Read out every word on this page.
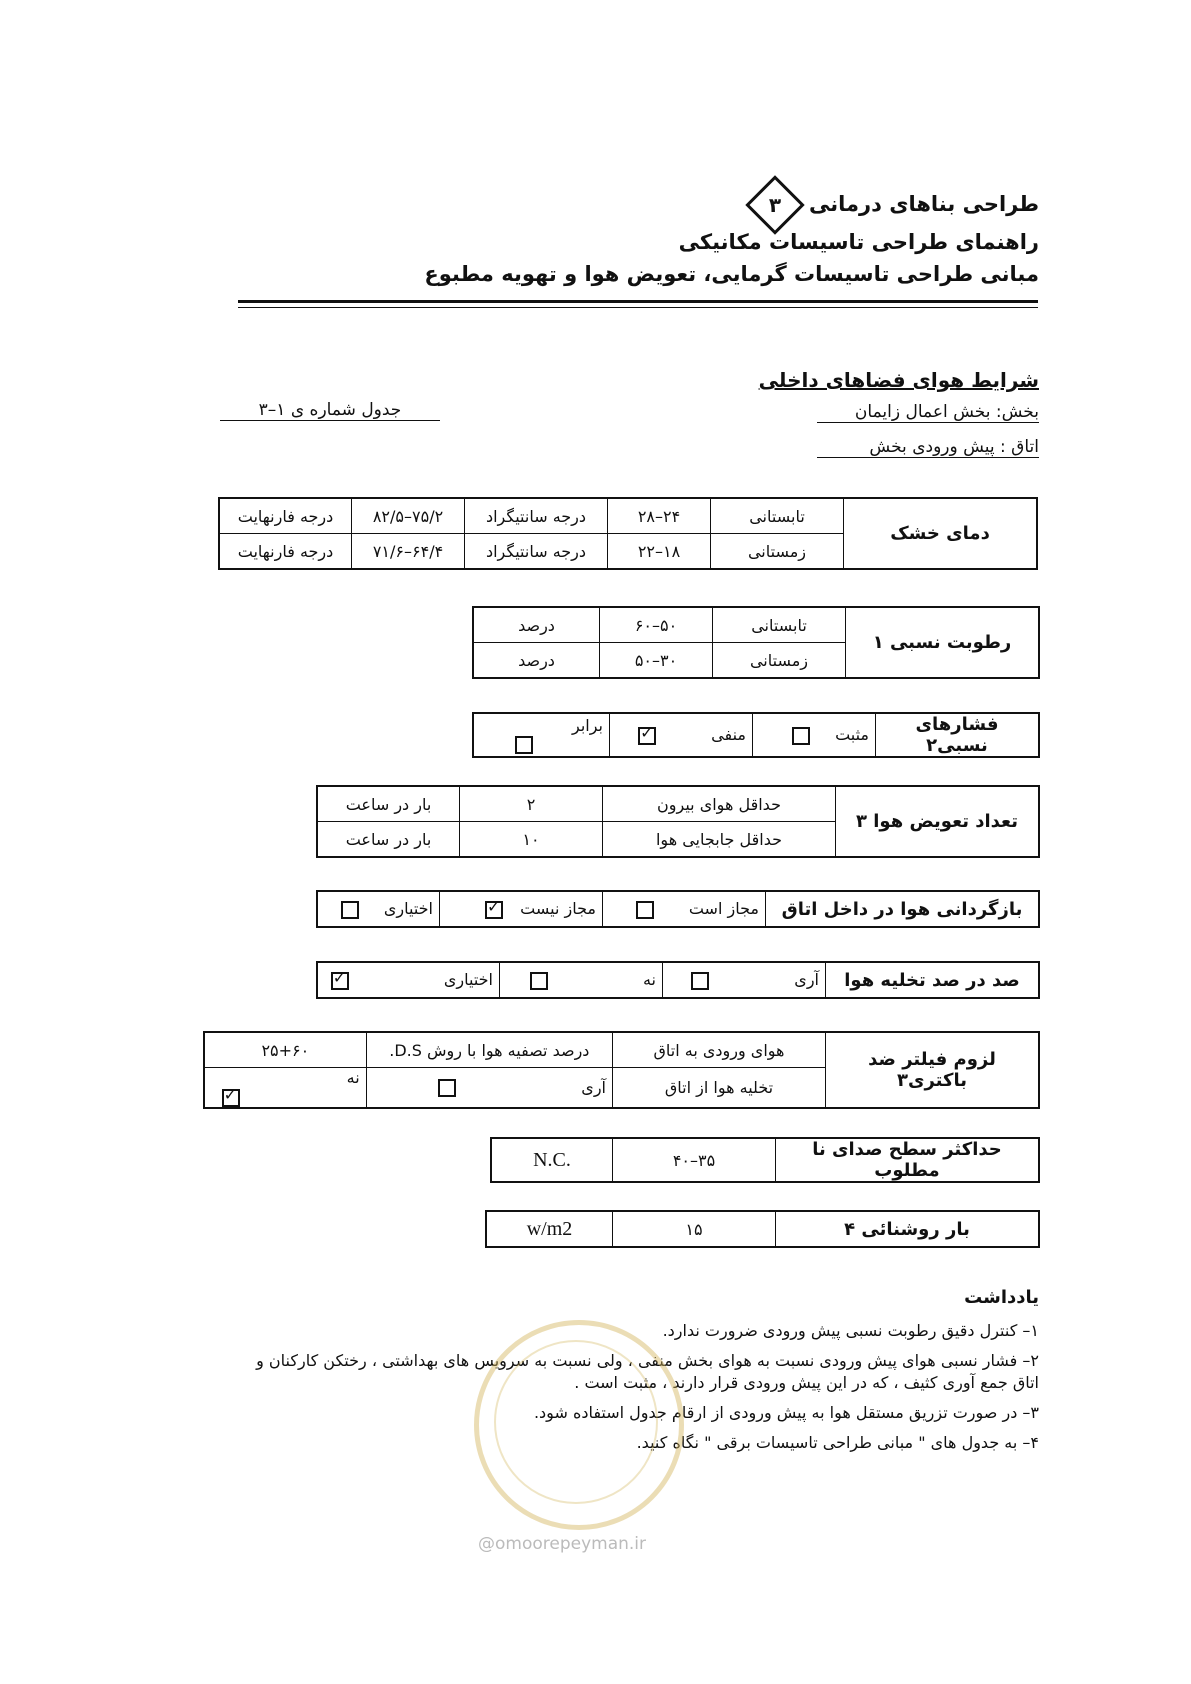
طراحی بناهای درمانی
۳
راهنمای طراحی تاسیسات مکانیکی
مبانی طراحی تاسیسات گرمایی، تعویض هوا و تهویه مطبوع
شرایط هوای فضاهای داخلی
بخش: بخش اعمال زایمان
اتاق : پیش ورودی بخش
جدول شماره ی ۱–۳
دمای خشک	تابستانی	۲۴–۲۸	درجه سانتیگراد	۷۵/۲–۸۲/۵	درجه فارنهایت
	زمستانی	۱۸–۲۲	درجه سانتیگراد	۶۴/۴–۷۱/۶	درجه فارنهایت
رطوبت نسبی ۱	تابستانی	۵۰–۶۰	درصد
	زمستانی	۳۰–۵۰	درصد
فشارهای نسبی۲	مثبت	منفی ✓	برابر
تعداد تعویض هوا ۳	حداقل هوای بیرون	۲	بار در ساعت
	حداقل جابجایی هوا	۱۰	بار در ساعت
بازگردانی هوا در داخل اتاق	مجاز است	مجاز نیست ✓	اختیاری
صد در صد تخلیه هوا	آری	نه	اختیاری ✓
لزوم فیلتر ضد باکتری۳	هوای ورودی به اتاق	درصد تصفیه هوا با روش D.S.	۲۵+۶۰
	تخلیه هوا از اتاق	آری	نه ✓
حداکثر سطح صدای نا مطلوب	۳۵–۴۰	N.C.
بار روشنائی ۴	۱۵	w/m2
یادداشت
۱– کنترل دقیق رطوبت نسبی پیش ورودی ضرورت ندارد.
۲– فشار نسبی هوای پیش ورودی نسبت به هوای بخش منفی ، ولی نسبت به سرویس های بهداشتی ، رختکن کارکنان و اتاق جمع آوری کثیف ، که در این پیش ورودی قرار دارند ، مثبت است .
۳– در صورت تزریق مستقل هوا به پیش ورودی از ارقام جدول استفاده شود.
۴– به جدول های " مبانی طراحی تاسیسات برقی " نگاه کنید.
@omoorepeyman.ir
